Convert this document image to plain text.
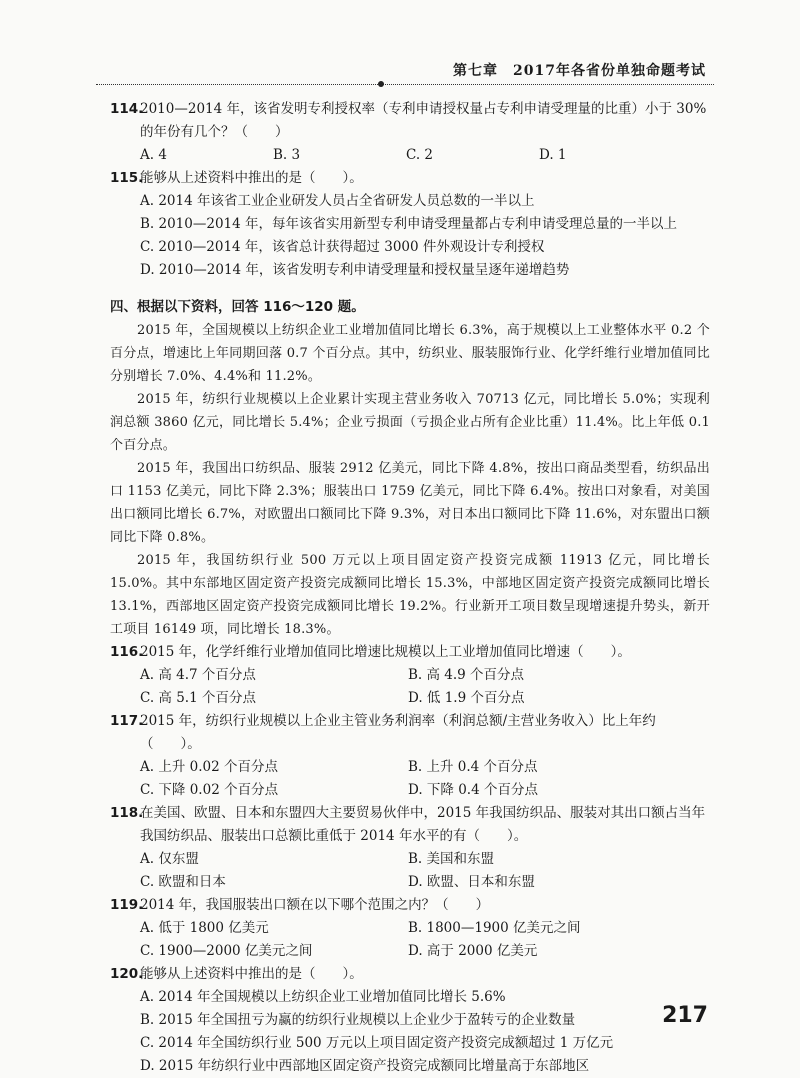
第七章　2017年各省份单独命题考试
114.

2010—2014 年，该省发明专利授权率（专利申请授权量占专利申请受理量的比重）小于 30%的年份有几个？（　　）

A. 4	B. 3	C. 2	D. 1
115.

能够从上述资料中推出的是（　　）。

A. 2014 年该省工业企业研发人员占全省研发人员总数的一半以上
B. 2010—2014 年，每年该省实用新型专利申请受理量都占专利申请受理总量的一半以上
C. 2010—2014 年，该省总计获得超过 3000 件外观设计专利授权
D. 2010—2014 年，该省发明专利申请受理量和授权量呈逐年递增趋势

四、根据以下资料，回答 116～120 题。

2015 年，全国规模以上纺织企业工业增加值同比增长 6.3%，高于规模以上工业整体水平 0.2 个百分点，增速比上年同期回落 0.7 个百分点。其中，纺织业、服装服饰行业、化学纤维行业增加值同比分别增长 7.0%、4.4%和 11.2%。

2015 年，纺织行业规模以上企业累计实现主营业务收入 70713 亿元，同比增长 5.0%；实现利润总额 3860 亿元，同比增长 5.4%；企业亏损面（亏损企业占所有企业比重）11.4%。比上年低 0.1 个百分点。

2015 年，我国出口纺织品、服装 2912 亿美元，同比下降 4.8%，按出口商品类型看，纺织品出口 1153 亿美元，同比下降 2.3%；服装出口 1759 亿美元，同比下降 6.4%。按出口对象看，对美国出口额同比增长 6.7%，对欧盟出口额同比下降 9.3%，对日本出口额同比下降 11.6%，对东盟出口额同比下降 0.8%。

2015 年，我国纺织行业 500 万元以上项目固定资产投资完成额 11913 亿元，同比增长 15.0%。其中东部地区固定资产投资完成额同比增长 15.3%，中部地区固定资产投资完成额同比增长 13.1%，西部地区固定资产投资完成额同比增长 19.2%。行业新开工项目数呈现增速提升势头，新开工项目 16149 项，同比增长 18.3%。

116.

2015 年，化学纤维行业增加值同比增速比规模以上工业增加值同比增速（　　）。

A. 高 4.7 个百分点	B. 高 4.9 个百分点
C. 高 5.1 个百分点	D. 低 1.9 个百分点
117.

2015 年，纺织行业规模以上企业主管业务利润率（利润总额/主营业务收入）比上年约（　　）。

A. 上升 0.02 个百分点	B. 上升 0.4 个百分点
C. 下降 0.02 个百分点	D. 下降 0.4 个百分点
118.

在美国、欧盟、日本和东盟四大主要贸易伙伴中，2015 年我国纺织品、服装对其出口额占当年我国纺织品、服装出口总额比重低于 2014 年水平的有（　　）。

A. 仅东盟	B. 美国和东盟
C. 欧盟和日本	D. 欧盟、日本和东盟
119.

2014 年，我国服装出口额在以下哪个范围之内？（　　）

A. 低于 1800 亿美元	B. 1800—1900 亿美元之间
C. 1900—2000 亿美元之间	D. 高于 2000 亿美元
120.

能够从上述资料中推出的是（　　）。

A. 2014 年全国规模以上纺织企业工业增加值同比增长 5.6%
B. 2015 年全国扭亏为赢的纺织行业规模以上企业少于盈转亏的企业数量
C. 2014 年全国纺织行业 500 万元以上项目固定资产投资完成额超过 1 万亿元
D. 2015 年纺织行业中西部地区固定资产投资完成额同比增量高于东部地区
217
